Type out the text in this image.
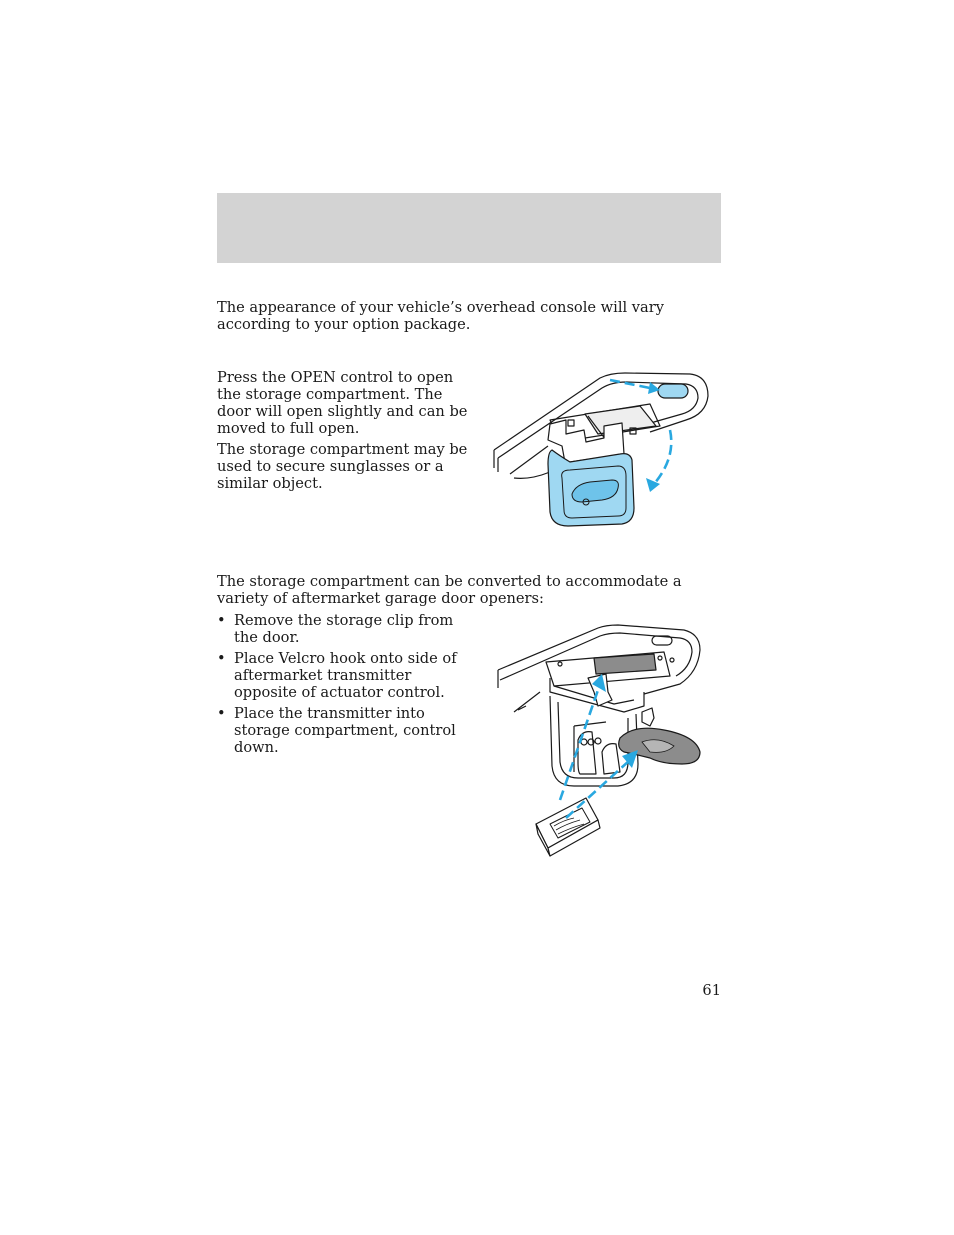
The appearance of your vehicle’s overhead console will vary according to your option package.

Press the OPEN control to open the storage compartment. The door will open slightly and can be moved to full open.

The storage compartment may be used to secure sunglasses or a similar object.

The storage compartment can be converted to accommodate a variety of aftermarket garage door openers:

• Remove the storage clip from the door.
• Place Velcro hook onto side of aftermarket transmitter opposite of actuator control.
• Place the transmitter into storage compartment, control down.
61
